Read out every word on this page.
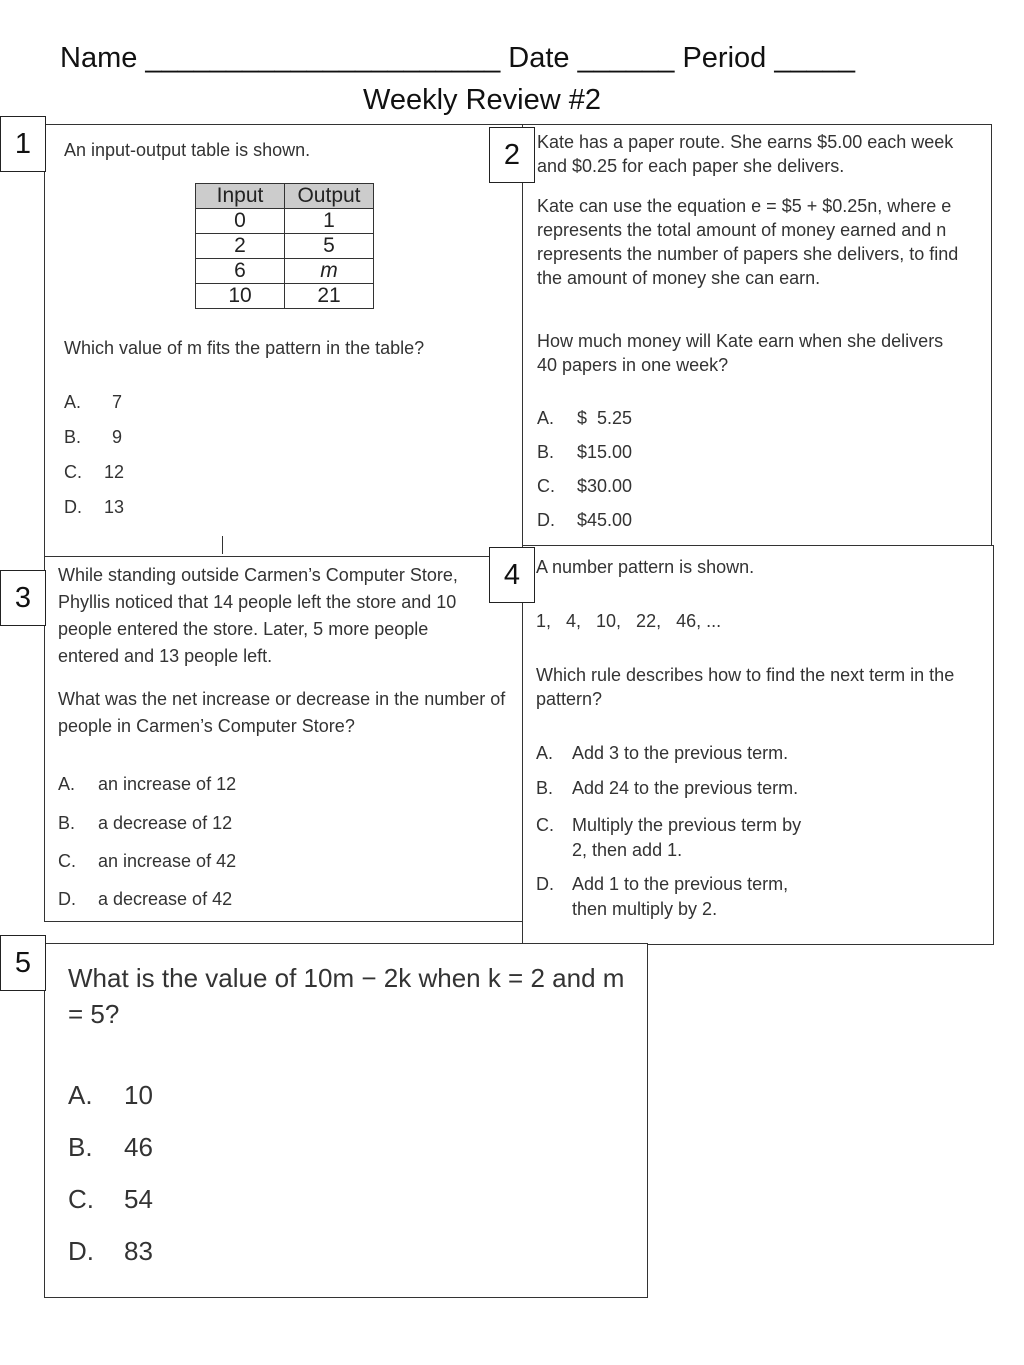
Name ______________________ Date ______ Period _____
Weekly Review #2
1	An input-output table is shown.
Input	Output
0	1
2	5
6	m
10	21
Which value of m fits the pattern in the table?
A. 7
B. 9
C. 12
D. 13
2 Kate has a paper route. She earns $5.00 each week and $0.25 for each paper she delivers.
Kate can use the equation e = $5 + $0.25n, where e represents the total amount of money earned and n represents the number of papers she delivers, to find the amount of money she can earn.
How much money will Kate earn when she delivers 40 papers in one week?
A. $  5.25
B. $15.00
C. $30.00
D. $45.00
3
While standing outside Carmen’s Computer Store, Phyllis noticed that 14 people left the store and 10 people entered the store. Later, 5 more people entered and 13 people left.
What was the net increase or decrease in the number of people in Carmen’s Computer Store?
A. an increase of 12
B. a decrease of 12
C. an increase of 42
D. a decrease of 42
4 A number pattern is shown.
1,   4,   10,   22,   46, ...
Which rule describes how to find the next term in the pattern?
A.	Add 3 to the previous term.
B.	Add 24 to the previous term.
C.	Multiply the previous term by 2, then add 1.
D.	Add 1 to the previous term, then multiply by 2.
5	What is the value of 10m − 2k when k = 2 and m = 5?
A. 10
B. 46
C. 54
D. 83
